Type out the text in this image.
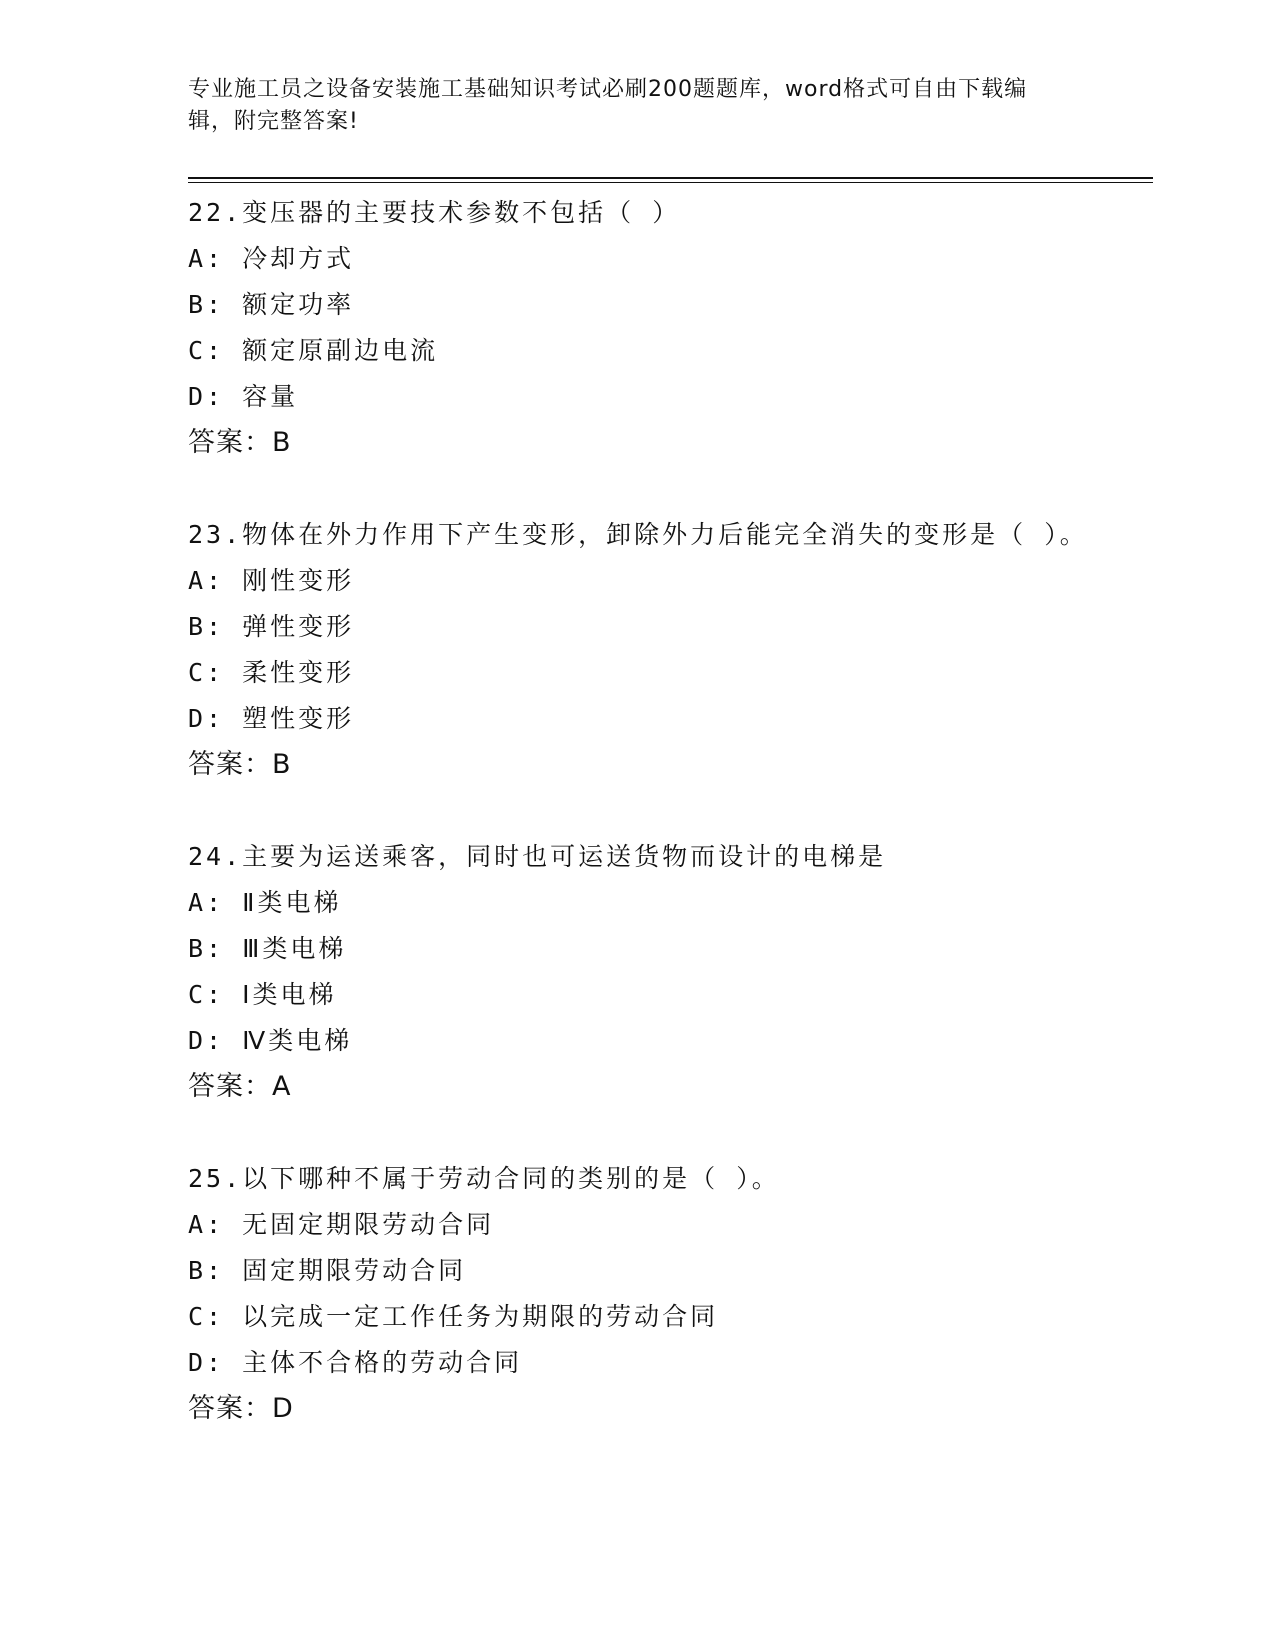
专业施工员之设备安装施工基础知识考试必刷200题题库，word格式可自由下载编辑，附完整答案!
22.变压器的主要技术参数不包括（ ）
A: 冷却方式
B: 额定功率
C: 额定原副边电流
D: 容量
答案：B
23.物体在外力作用下产生变形，卸除外力后能完全消失的变形是（ ）。
A: 刚性变形
B: 弹性变形
C: 柔性变形
D: 塑性变形
答案：B
24.主要为运送乘客，同时也可运送货物而设计的电梯是
A: Ⅱ类电梯
B: Ⅲ类电梯
C: Ⅰ类电梯
D: Ⅳ类电梯
答案：A
25.以下哪种不属于劳动合同的类别的是（ ）。
A: 无固定期限劳动合同
B: 固定期限劳动合同
C: 以完成一定工作任务为期限的劳动合同
D: 主体不合格的劳动合同
答案：D
